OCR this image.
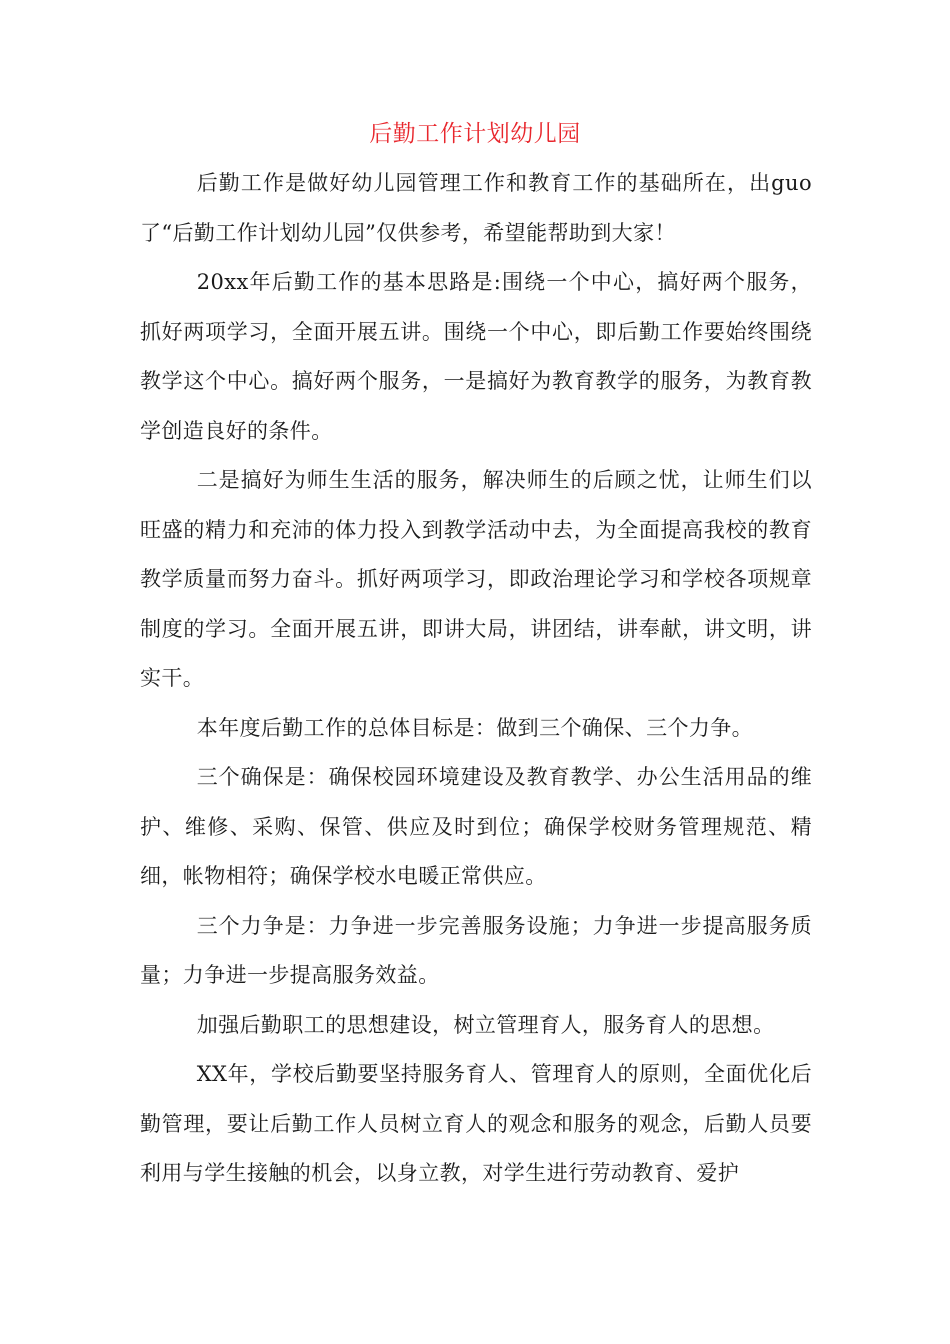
后勤工作计划幼儿园

后勤工作是做好幼儿园管理工作和教育工作的基础所在，出guo了“后勤工作计划幼儿园”仅供参考，希望能帮助到大家！

20xx年后勤工作的基本思路是:围绕一个中心，搞好两个服务，抓好两项学习，全面开展五讲。围绕一个中心，即后勤工作要始终围绕教学这个中心。搞好两个服务，一是搞好为教育教学的服务，为教育教学创造良好的条件。

二是搞好为师生生活的服务，解决师生的后顾之忧，让师生们以旺盛的精力和充沛的体力投入到教学活动中去，为全面提高我校的教育教学质量而努力奋斗。抓好两项学习，即政治理论学习和学校各项规章制度的学习。全面开展五讲，即讲大局，讲团结，讲奉献，讲文明，讲实干。

本年度后勤工作的总体目标是：做到三个确保、三个力争。

三个确保是：确保校园环境建设及教育教学、办公生活用品的维护、维修、采购、保管、供应及时到位；确保学校财务管理规范、精细，帐物相符；确保学校水电暖正常供应。

三个力争是：力争进一步完善服务设施；力争进一步提高服务质量；力争进一步提高服务效益。

加强后勤职工的思想建设，树立管理育人，服务育人的思想。

XX年，学校后勤要坚持服务育人、管理育人的原则，全面优化后勤管理，要让后勤工作人员树立育人的观念和服务的观念，后勤人员要利用与学生接触的机会，以身立教，对学生进行劳动教育、爱护
